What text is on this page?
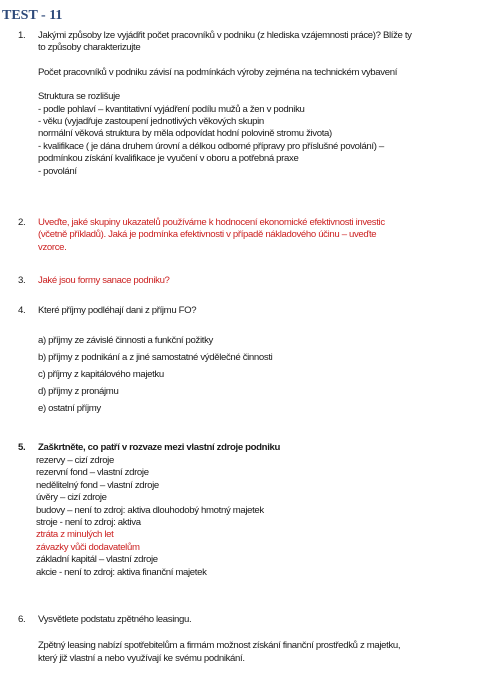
TEST - 11
1. Jakými způsoby lze vyjádřit počet pracovníků v podniku (z hlediska vzájemnosti práce)? Blíže ty
to způsoby charakterizujte
Počet pracovníků v podniku závisí na podmínkách výroby zejména na technickém vybavení
Struktura se rozlišuje
- podle pohlaví – kvantitativní vyjádření podílu mužů a žen v podniku
- věku (vyjadřuje zastoupení jednotlivých věkových skupin
normální věková struktura by měla odpovídat hodní polovině stromu života)
- kvalifikace ( je dána druhem úrovní a délkou odborné přípravy pro příslušné povolání) –
podmínkou získání kvalifikace je vyučení v oboru a potřebná praxe
- povolání
2. Uveďte, jaké skupiny ukazatelů používáme k hodnocení ekonomické efektivnosti investic
(včetně příkladů). Jaká je podmínka efektivnosti v případě nákladového účinu – uveďte
vzorce.
3. Jaké jsou formy sanace podniku?
4. Které příjmy podléhají dani z příjmu FO?
a) příjmy ze závislé činnosti a funkční požitky
b) příjmy z podnikání a z jiné samostatné výdělečné činnosti
c) příjmy z kapitálového majetku
d) příjmy z pronájmu
e) ostatní příjmy
5. Zaškrtněte, co patří v rozvaze mezi vlastní zdroje podniku
rezervy – cizí zdroje
rezervní fond – vlastní zdroje
nedělitelný fond – vlastní zdroje
úvěry – cizí zdroje
budovy – není to zdroj: aktiva dlouhodobý hmotný majetek
stroje - není to zdroj: aktiva
ztráta z minulých let
závazky vůči dodavatelům
základní kapitál – vlastní zdroje
akcie - není to zdroj: aktiva finanční majetek
6. Vysvětlete podstatu zpětného leasingu.
Zpětný leasing nabízí spotřebitelům a firmám možnost získání finanční prostředků z majetku,
který již vlastní a nebo využívají ke svému podnikání.
